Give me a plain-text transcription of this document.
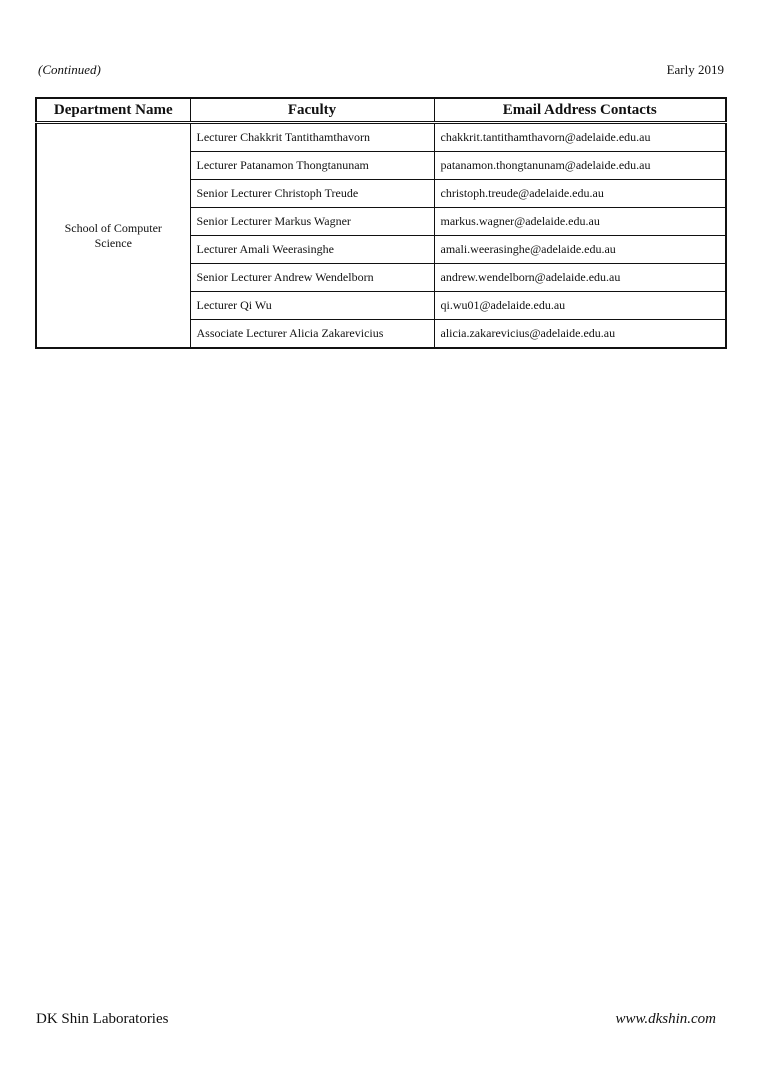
(Continued)	Early 2019
Department Name	Faculty	Email Address Contacts
School of Computer Science	Lecturer Chakkrit Tantithamthavorn	chakkrit.tantithamthavorn@adelaide.edu.au
	Lecturer Patanamon Thongtanunam	patanamon.thongtanunam@adelaide.edu.au
	Senior Lecturer Christoph Treude	christoph.treude@adelaide.edu.au
	Senior Lecturer Markus Wagner	markus.wagner@adelaide.edu.au
	Lecturer Amali Weerasinghe	amali.weerasinghe@adelaide.edu.au
	Senior Lecturer Andrew Wendelborn	andrew.wendelborn@adelaide.edu.au
	Lecturer Qi Wu	qi.wu01@adelaide.edu.au
	Associate Lecturer Alicia Zakarevicius	alicia.zakarevicius@adelaide.edu.au
DK Shin Laboratories	www.dkshin.com
